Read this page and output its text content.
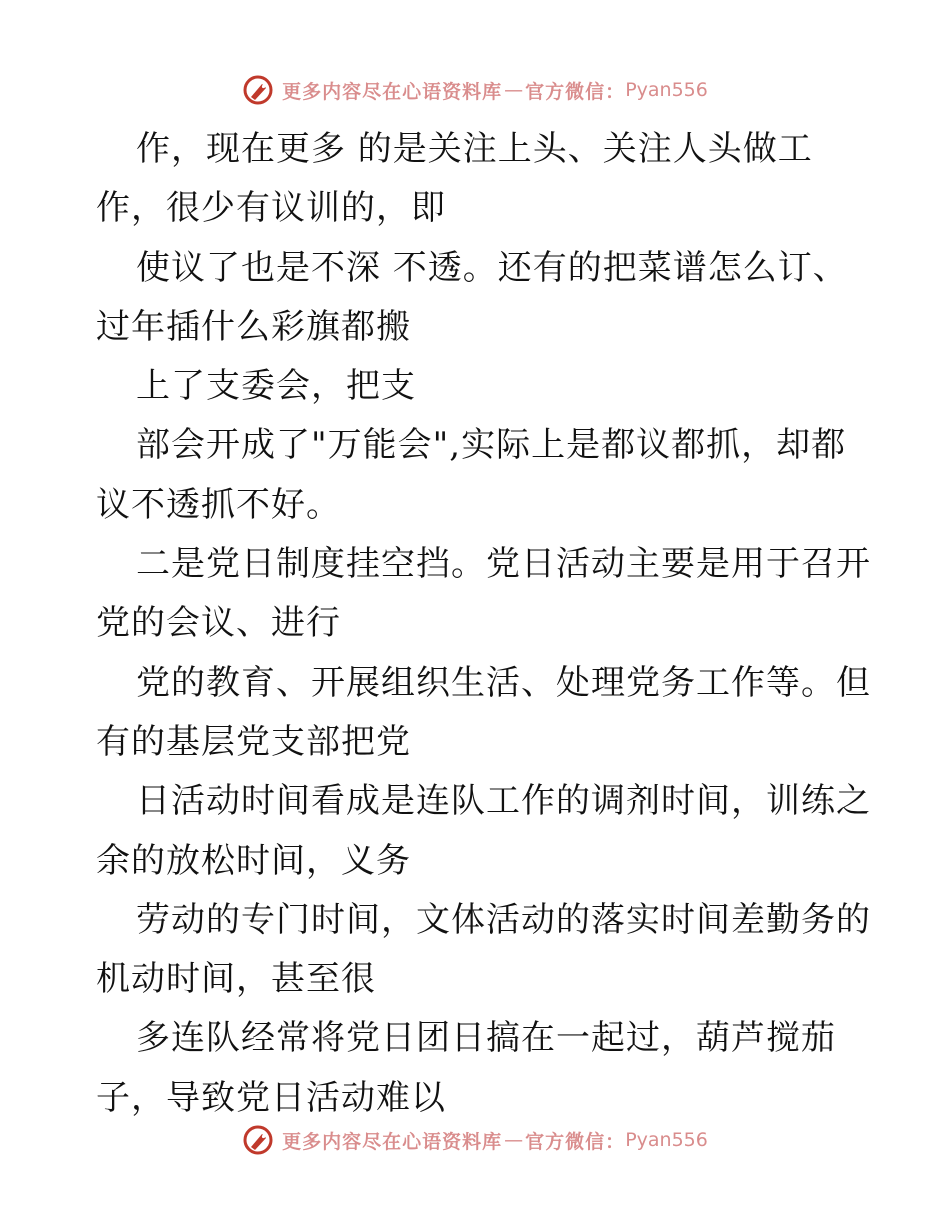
更多内容尽在心语资料库 — 官方微信： Pyan556
作，现在更多 的是关注上头、关注人头做工
作，很少有议训的，即
使议了也是不深 不透。还有的把菜谱怎么订、
过年插什么彩旗都搬
上了支委会，把支
部会开成了"万能会",实际上是都议都抓，却都
议不透抓不好。
二是党日制度挂空挡。党日活动主要是用于召开
党的会议、进行
党的教育、开展组织生活、处理党务工作等。但
有的基层党支部把党
日活动时间看成是连队工作的调剂时间，训练之
余的放松时间，义务
劳动的专门时间，文体活动的落实时间差勤务的
机动时间，甚至很
多连队经常将党日团日搞在一起过，葫芦搅茄
子，导致党日活动难以
更多内容尽在心语资料库 — 官方微信： Pyan556
